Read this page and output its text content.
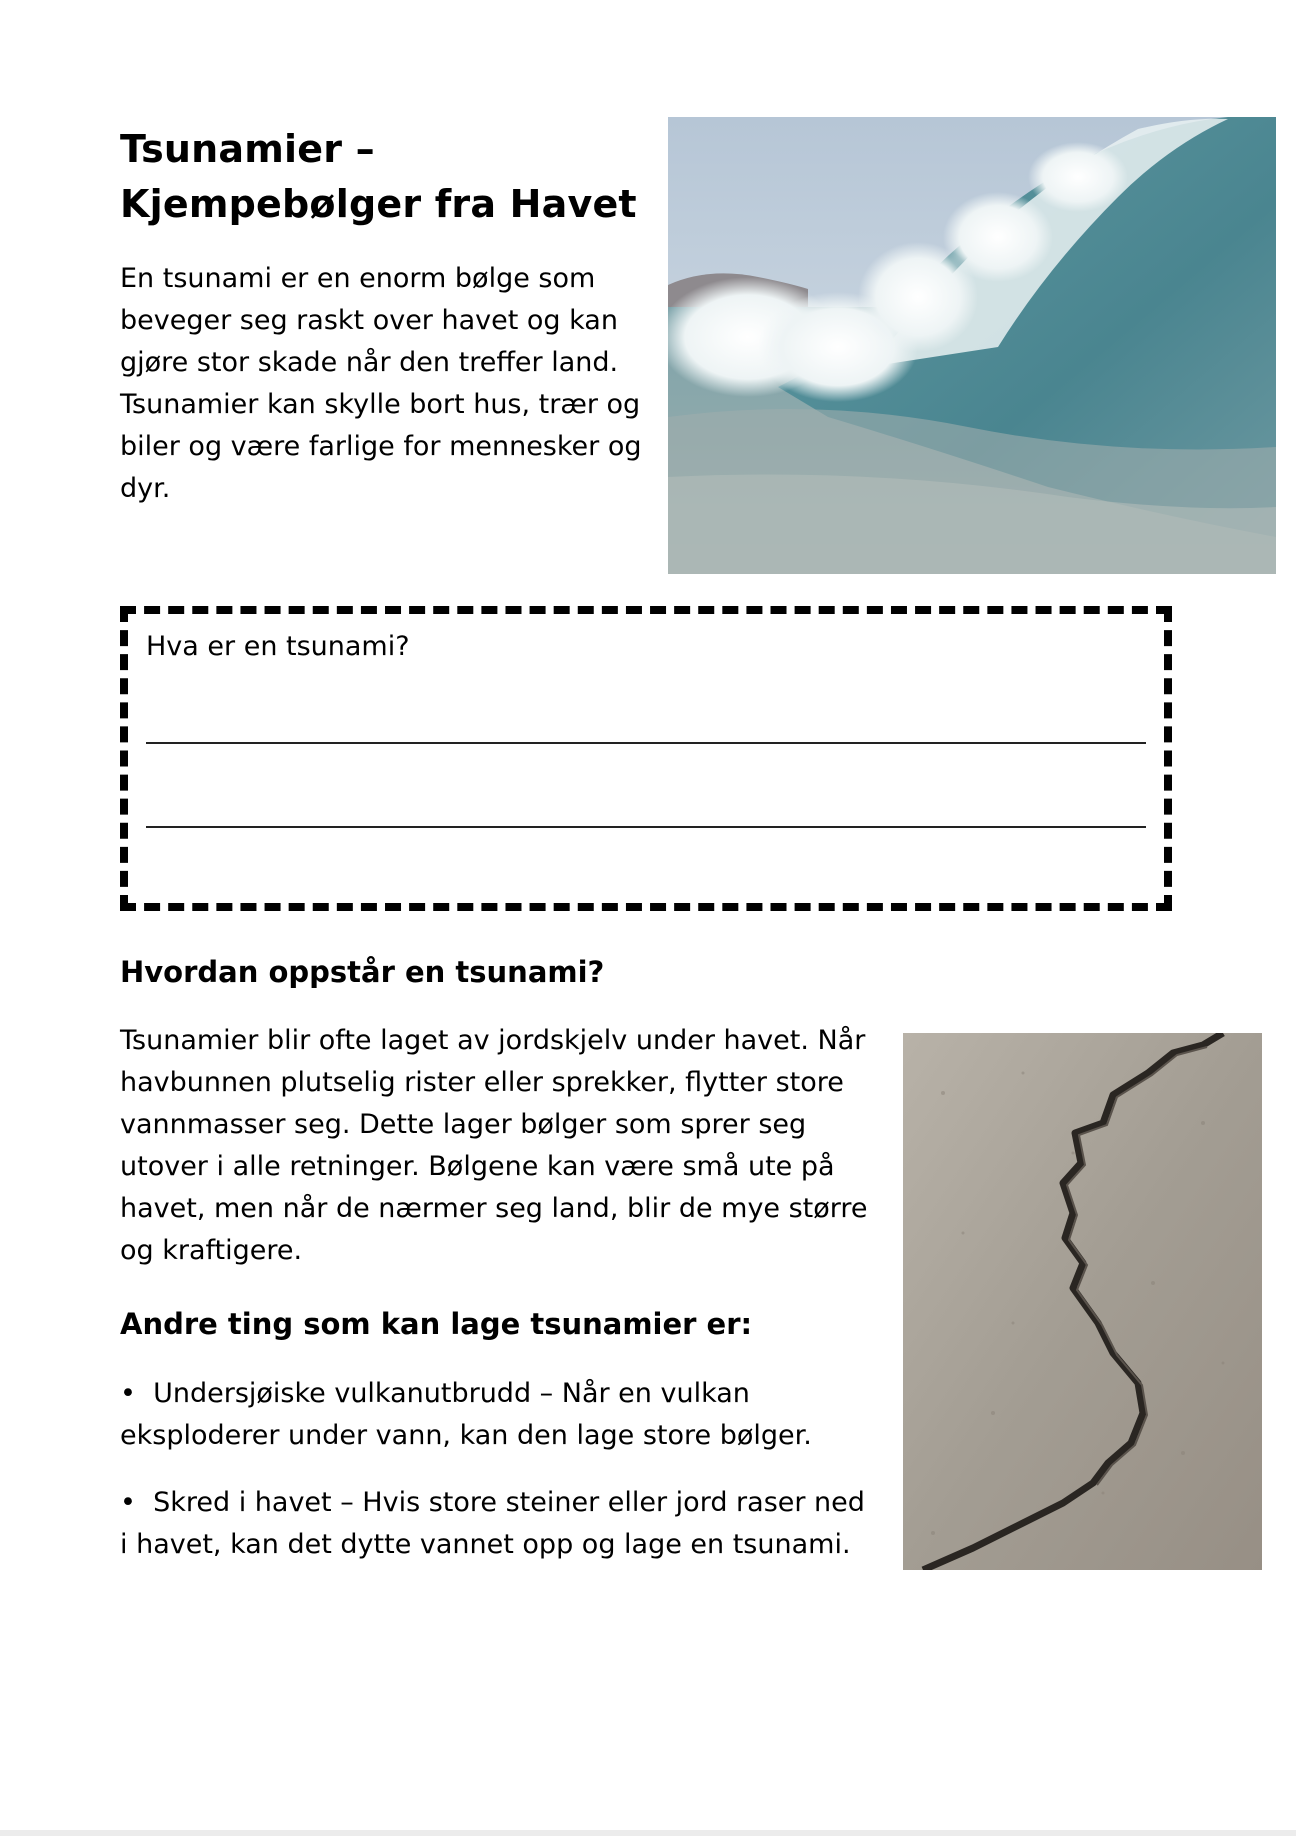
Tsunamier –
Kjempebølger fra Havet

En tsunami er en enorm bølge som beveger seg raskt over havet og kan gjøre stor skade når den treffer land. Tsunamier kan skylle bort hus, trær og biler og være farlige for mennesker og dyr.

Hva er en tsunami?

Hvordan oppstår en tsunami?

Tsunamier blir ofte laget av jordskjelv under havet. Når havbunnen plutselig rister eller sprekker, flytter store vannmasser seg. Dette lager bølger som sprer seg utover i alle retninger. Bølgene kan være små ute på havet, men når de nærmer seg land, blir de mye større og kraftigere.

Andre ting som kan lage tsunamier er:
•  Undersjøiske vulkanutbrudd – Når en vulkan eksploderer under vann, kan den lage store bølger.
•  Skred i havet – Hvis store steiner eller jord raser ned i havet, kan det dytte vannet opp og lage en tsunami.
